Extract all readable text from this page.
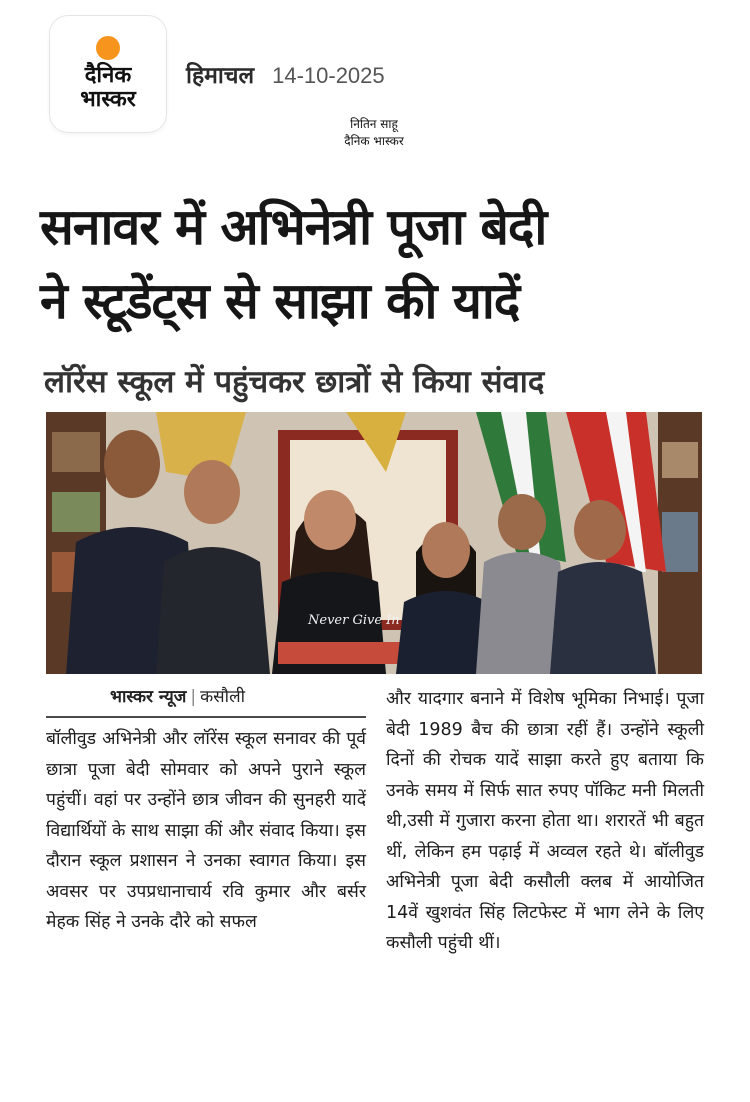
दैनिक
भास्कर
हिमाचल 14-10-2025
नितिन साहू
दैनिक भास्कर
सनावर में अभिनेत्री पूजा बेदी
ने स्टूडेंट्स से साझा की यादें
लॉरेंस स्कूल में पहुंचकर छात्रों से किया संवाद
Never Give In
भास्कर न्यूज | कसौली
बॉलीवुड अभिनेत्री और लॉरेंस स्कूल सनावर की पूर्व छात्रा पूजा बेदी सोमवार को अपने पुराने स्कूल पहुंचीं। वहां पर उन्होंने छात्र जीवन की सुनहरी यादें विद्यार्थियों के साथ साझा कीं और संवाद किया। इस दौरान स्कूल प्रशासन ने उनका स्वागत किया। इस अवसर पर उपप्रधानाचार्य रवि कुमार और बर्सर मेहक सिंह ने उनके दौरे को सफल
और यादगार बनाने में विशेष भूमिका निभाई। पूजा बेदी 1989 बैच की छात्रा रहीं हैं। उन्होंने स्कूली दिनों की रोचक यादें साझा करते हुए बताया कि उनके समय में सिर्फ सात रुपए पॉकिट मनी मिलती थी,उसी में गुजारा करना होता था। शरारतें भी बहुत थीं, लेकिन हम पढ़ाई में अव्वल रहते थे। बॉलीवुड अभिनेत्री पूजा बेदी कसौली क्लब में आयोजित 14वें खुशवंत सिंह लिटफेस्ट में भाग लेने के लिए कसौली पहुंची थीं।
